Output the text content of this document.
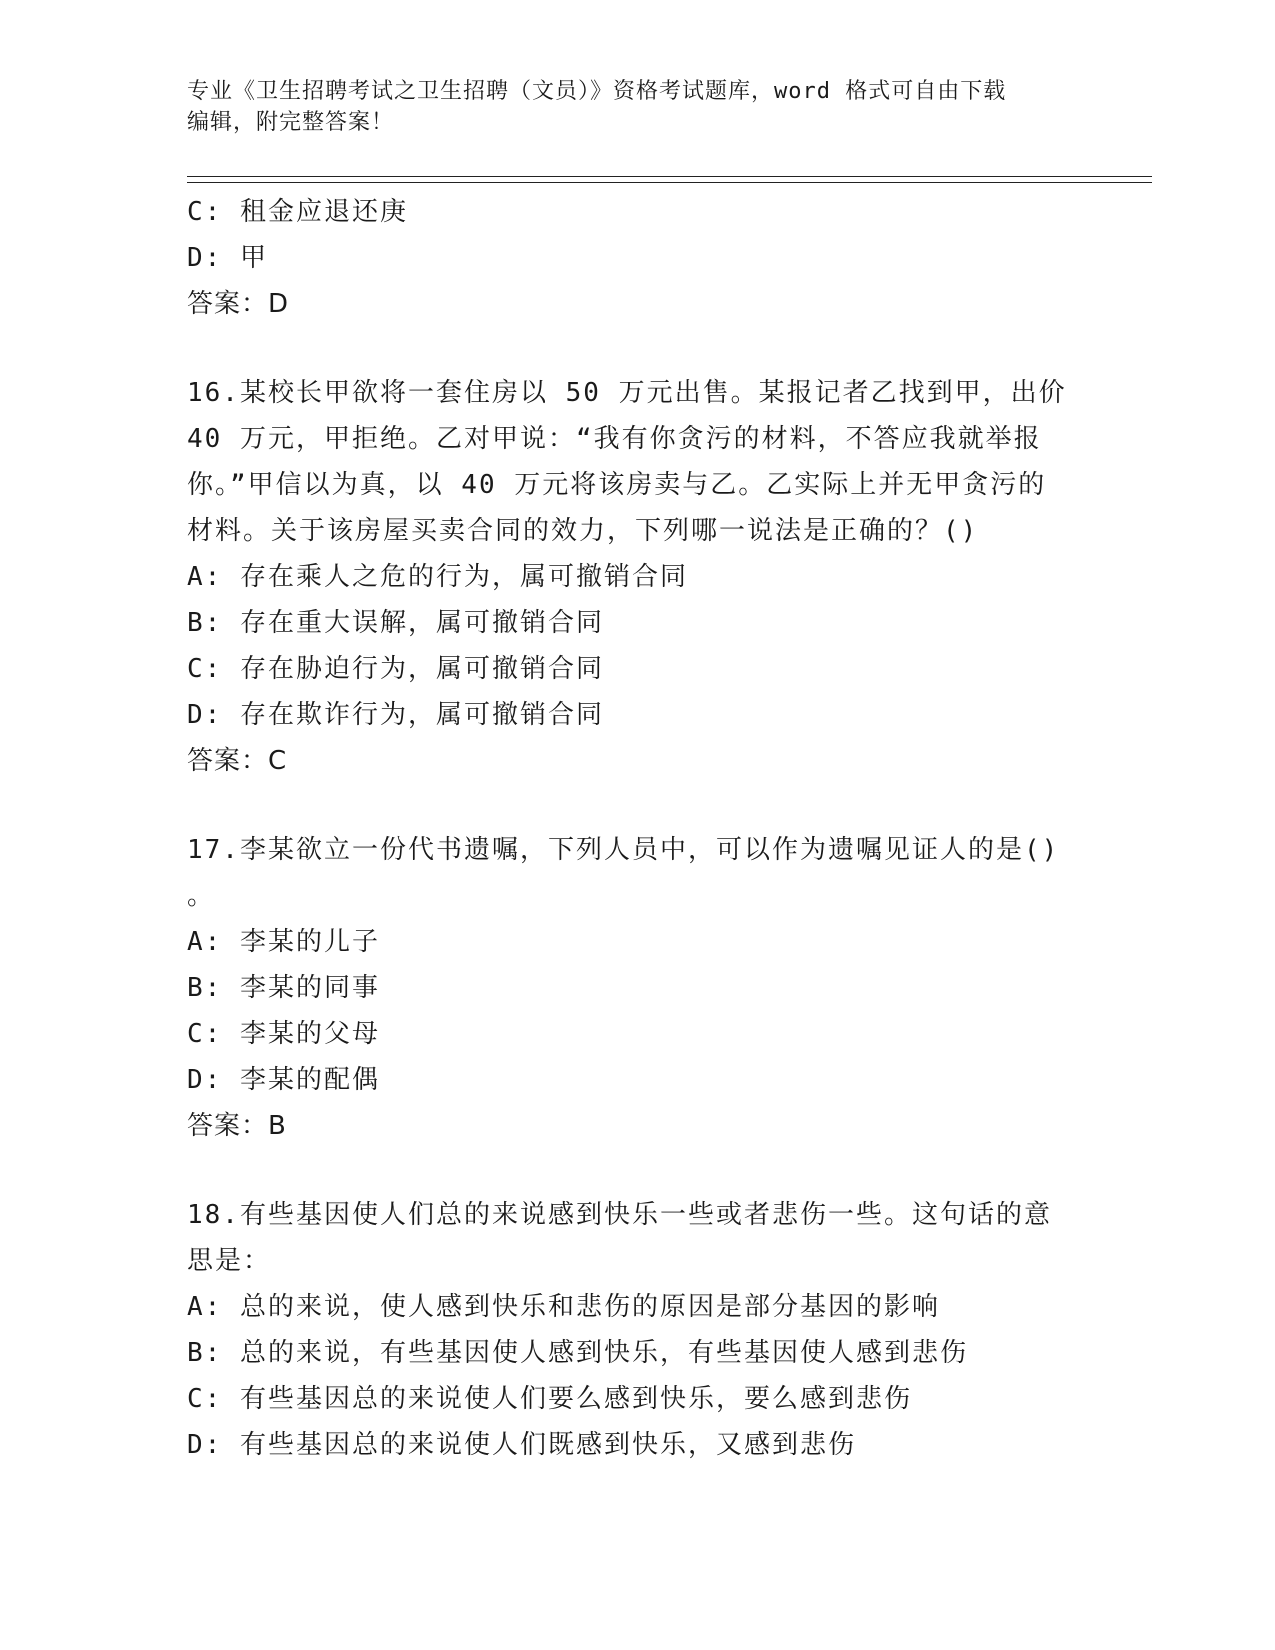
专业《卫生招聘考试之卫生招聘（文员）》资格考试题库，word 格式可自由下载
编辑，附完整答案！
C: 租金应退还庚
D: 甲
答案：D
16.某校长甲欲将一套住房以 50 万元出售。某报记者乙找到甲，出价
40 万元，甲拒绝。乙对甲说：“我有你贪污的材料，不答应我就举报
你。”甲信以为真，以 40 万元将该房卖与乙。乙实际上并无甲贪污的
材料。关于该房屋买卖合同的效力，下列哪一说法是正确的？()
A: 存在乘人之危的行为，属可撤销合同
B: 存在重大误解，属可撤销合同
C: 存在胁迫行为，属可撤销合同
D: 存在欺诈行为，属可撤销合同
答案：C
17.李某欲立一份代书遗嘱，下列人员中，可以作为遗嘱见证人的是()
。
A: 李某的儿子
B: 李某的同事
C: 李某的父母
D: 李某的配偶
答案：B
18.有些基因使人们总的来说感到快乐一些或者悲伤一些。这句话的意
思是：
A: 总的来说，使人感到快乐和悲伤的原因是部分基因的影响
B: 总的来说，有些基因使人感到快乐，有些基因使人感到悲伤
C: 有些基因总的来说使人们要么感到快乐，要么感到悲伤
D: 有些基因总的来说使人们既感到快乐，又感到悲伤
